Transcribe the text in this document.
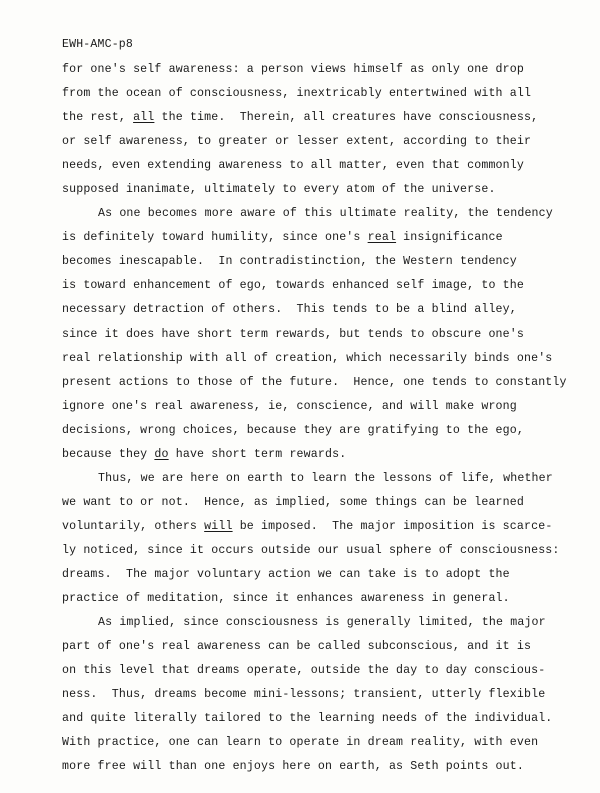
EWH-AMC-p8
for one's self awareness: a person views himself as only one drop
from the ocean of consciousness, inextricably entertwined with all
the rest, all the time.  Therein, all creatures have consciousness,
or self awareness, to greater or lesser extent, according to their
needs, even extending awareness to all matter, even that commonly
supposed inanimate, ultimately to every atom of the universe.
As one becomes more aware of this ultimate reality, the tendency
is definitely toward humility, since one's real insignificance
becomes inescapable.  In contradistinction, the Western tendency
is toward enhancement of ego, towards enhanced self image, to the
necessary detraction of others.  This tends to be a blind alley,
since it does have short term rewards, but tends to obscure one's
real relationship with all of creation, which necessarily binds one's
present actions to those of the future.  Hence, one tends to constantly
ignore one's real awareness, ie, conscience, and will make wrong
decisions, wrong choices, because they are gratifying to the ego,
because they do have short term rewards.
Thus, we are here on earth to learn the lessons of life, whether
we want to or not.  Hence, as implied, some things can be learned
voluntarily, others will be imposed.  The major imposition is scarce-
ly noticed, since it occurs outside our usual sphere of consciousness:
dreams.  The major voluntary action we can take is to adopt the
practice of meditation, since it enhances awareness in general.
As implied, since consciousness is generally limited, the major
part of one's real awareness can be called subconscious, and it is
on this level that dreams operate, outside the day to day conscious-
ness.  Thus, dreams become mini-lessons; transient, utterly flexible
and quite literally tailored to the learning needs of the individual.
With practice, one can learn to operate in dream reality, with even
more free will than one enjoys here on earth, as Seth points out.
